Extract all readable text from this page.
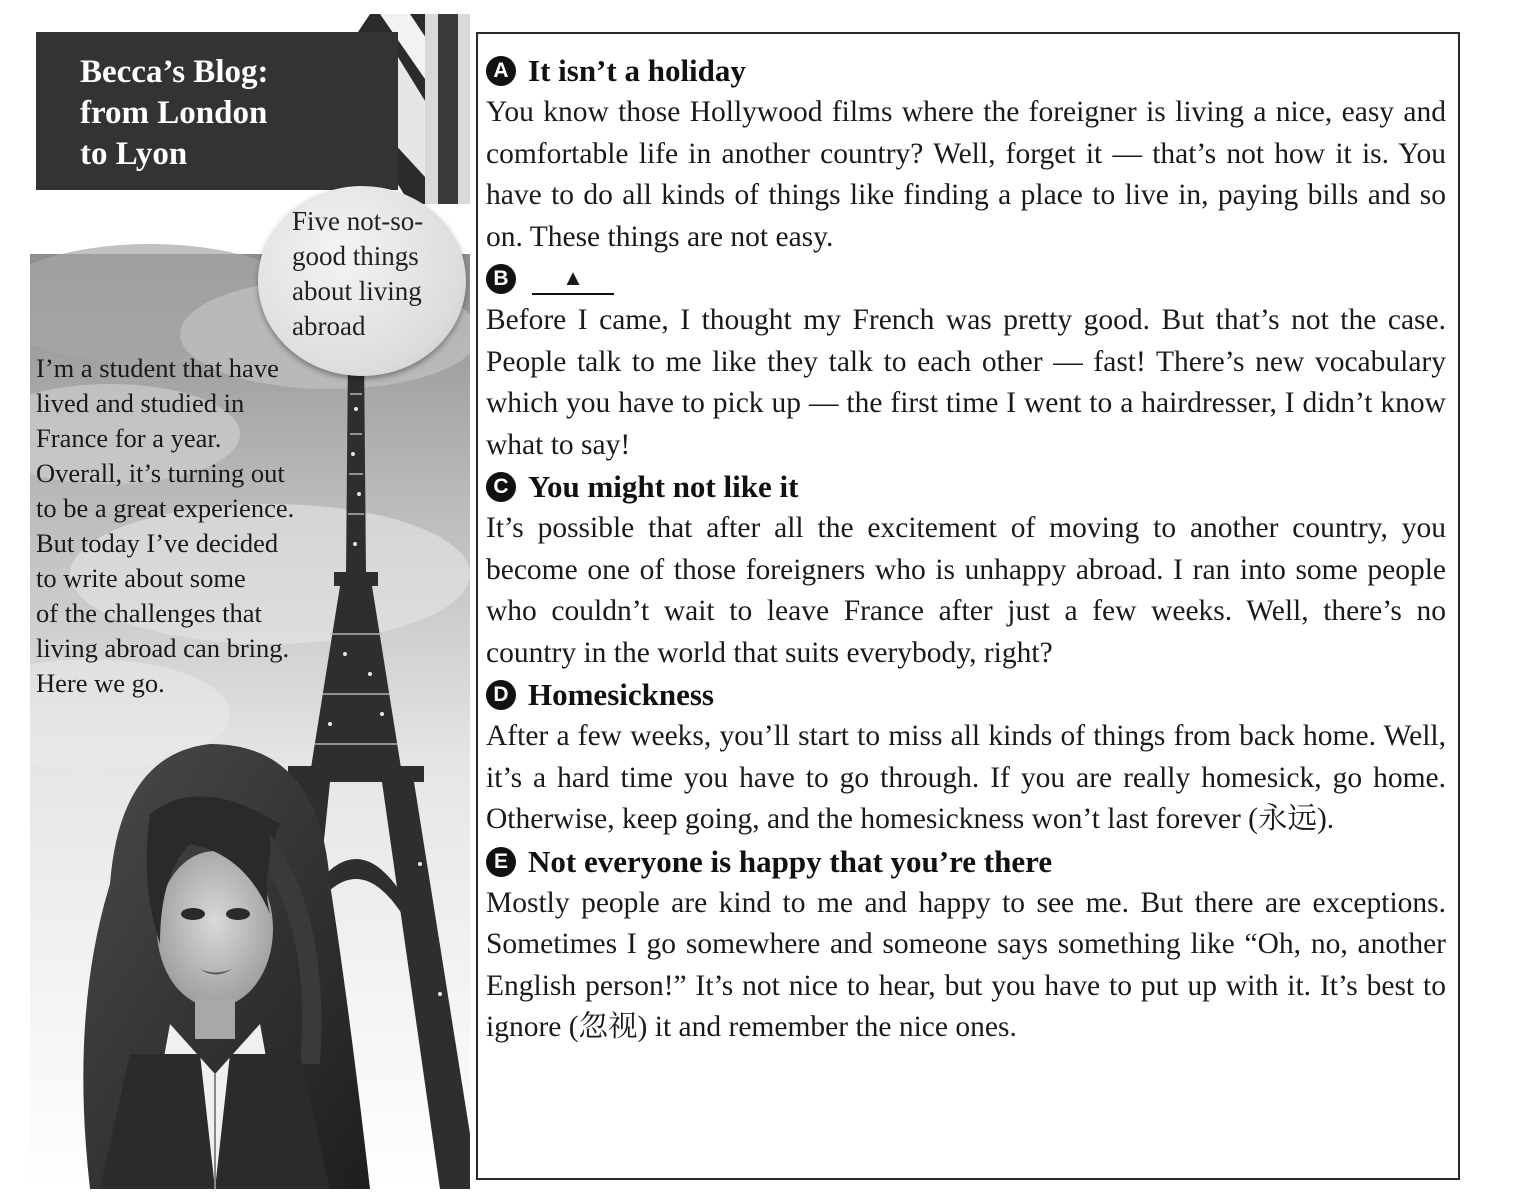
Becca’s Blog:
from London
to Lyon
Five not-so-
good things
about living
abroad
I’m a student that have
lived and studied in
France for a year.
Overall, it’s turning out
to be a great experience.
But today I’ve decided
to write about some
of the challenges that
living abroad can bring.
Here we go.
A It isn’t a holiday

You know those Hollywood films where the foreigner is living a nice, easy and comfortable life in another country? Well, forget it — that’s not how it is. You have to do all kinds of things like finding a place to live in, paying bills and so on. These things are not easy.

B	▲

Before I came, I thought my French was pretty good. But that’s not the case. People talk to me like they talk to each other — fast! There’s new vocabulary which you have to pick up — the first time I went to a hairdresser, I didn’t know what to say!

C You might not like it

It’s possible that after all the excitement of moving to another country, you become one of those foreigners who is unhappy abroad. I ran into some people who couldn’t wait to leave France after just a few weeks. Well, there’s no country in the world that suits everybody, right?

D Homesickness

After a few weeks, you’ll start to miss all kinds of things from back home. Well, it’s a hard time you have to go through. If you are really homesick, go home. Otherwise, keep going, and the homesickness won’t last forever (永远).

E Not everyone is happy that you’re there

Mostly people are kind to me and happy to see me. But there are exceptions. Sometimes I go somewhere and someone says something like “Oh, no, another English person!” It’s not nice to hear, but you have to put up with it. It’s best to ignore (忽视) it and remember the nice ones.
